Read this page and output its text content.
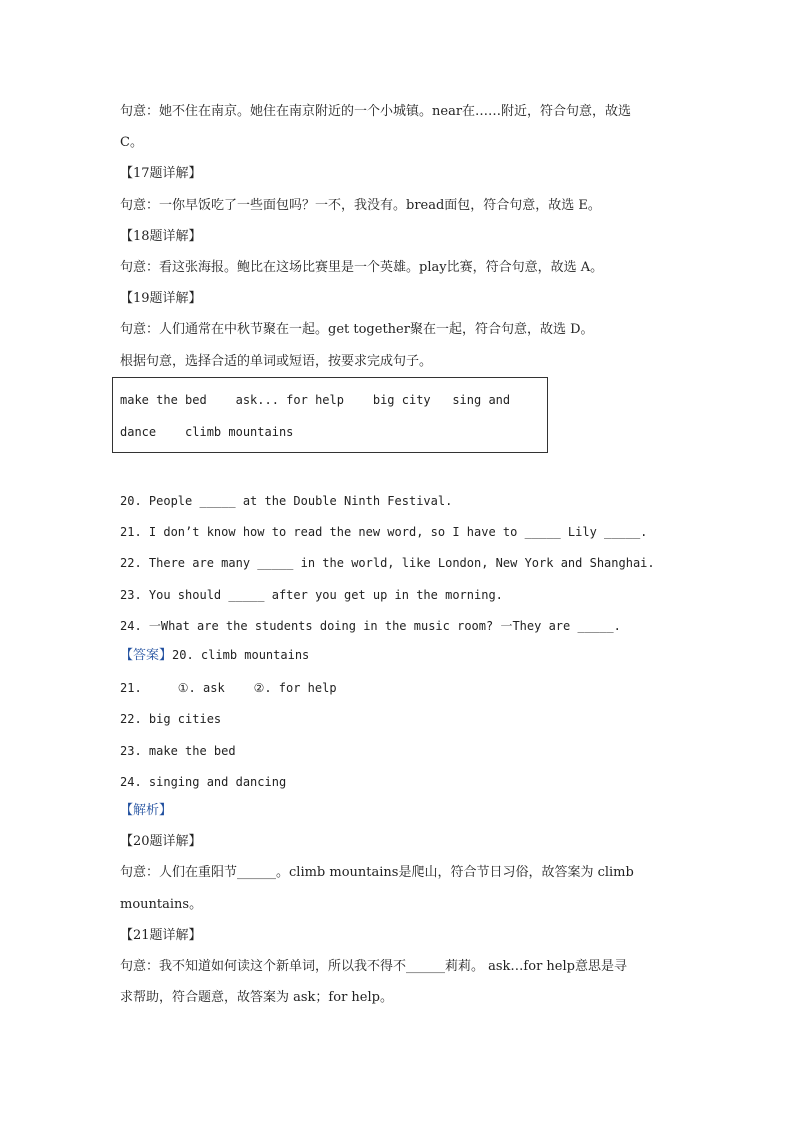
句意：她不住在南京。她住在南京附近的一个小城镇。near在……附近，符合句意，故选
C。
【17题详解】
句意：一你早饭吃了一些面包吗？一不，我没有。bread面包，符合句意，故选 E。
【18题详解】
句意：看这张海报。鲍比在这场比赛里是一个英雄。play比赛，符合句意，故选 A。
【19题详解】
句意：人们通常在中秋节聚在一起。get together聚在一起，符合句意，故选 D。
根据句意，选择合适的单词或短语，按要求完成句子。
make the bed    ask... for help    big city   sing and
dance    climb mountains
20. People _____ at the Double Ninth Festival.
21. I don’t know how to read the new word, so I have to _____ Lily _____.
22. There are many _____ in the world, like London, New York and Shanghai.
23. You should _____ after you get up in the morning.
24. 一What are the students doing in the music room? 一They are _____.
【答案】20. climb mountains
21.     ①. ask    ②. for help
22. big cities
23. make the bed
24. singing and dancing
【解析】
【20题详解】
句意：人们在重阳节______。climb mountains是爬山，符合节日习俗，故答案为 climb
mountains。
【21题详解】
句意：我不知道如何读这个新单词，所以我不得不______莉莉。 ask…for help意思是寻
求帮助，符合题意，故答案为 ask；for help。
